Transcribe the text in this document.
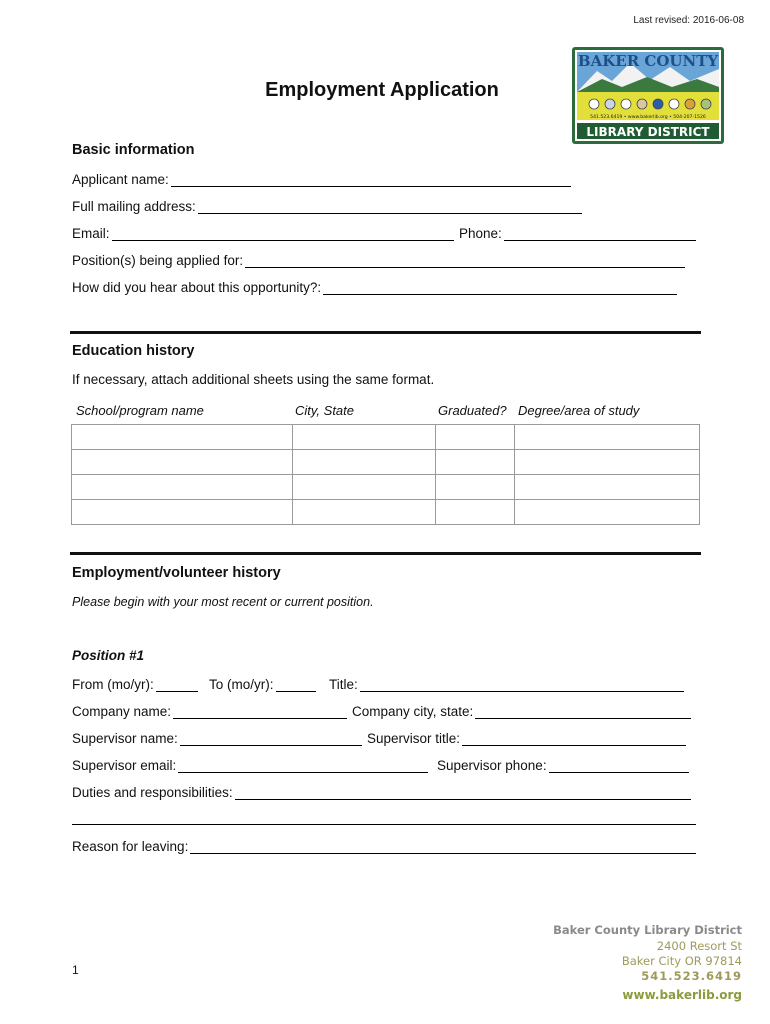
Last revised: 2016-06-08
BAKER COUNTY
541.523.6419 • www.bakerlib.org • 504-207-1526
LIBRARY DISTRICT
Employment Application
Basic information
Applicant name:
Full mailing address:
Email:	Phone:
Position(s) being applied for:
How did you hear about this opportunity?:
Education history
If necessary, attach additional sheets using the same format.
School/program name	City, State	Graduated? Degree/area of study

Employment/volunteer history
Please begin with your most recent or current position.
Position #1
From (mo/yr):	To (mo/yr):	Title:
Company name:	Company city, state:
Supervisor name:	Supervisor title:
Supervisor email:	Supervisor phone:
Duties and responsibilities:
Reason for leaving:
1
Baker County Library District
2400 Resort St
Baker City OR 97814
541.523.6419
www.bakerlib.org
